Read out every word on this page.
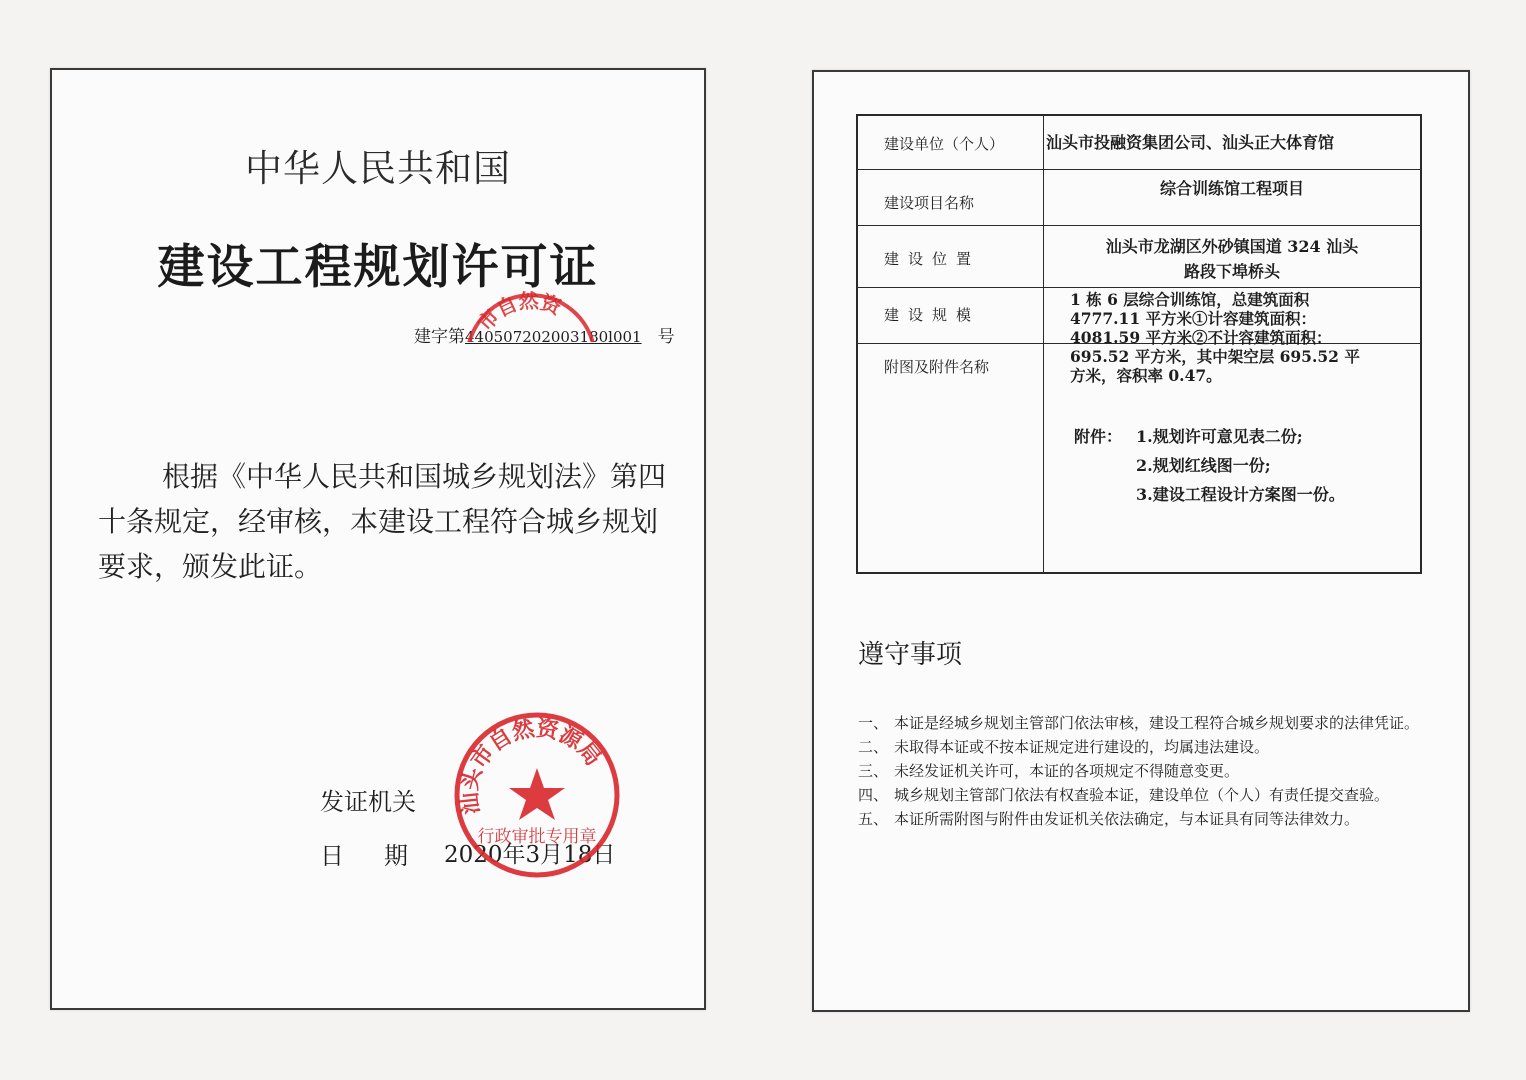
中华人民共和国
建设工程规划许可证
建字第440507202003180l001 号
市自然资
根据《中华人民共和国城乡规划法》第四十条规定，经审核，本建设工程符合城乡规划要求，颁发此证。
发证机关
日期
2020年3月18日
汕头市自然资源局
行政审批专用章
建设单位（个人）	汕头市投融资集团公司、汕头正大体育馆
建设项目名称
综合训练馆工程项目
建设位置
汕头市龙湖区外砂镇国道 324 汕头
路段下埠桥头
建设规模
附图及附件名称
1 栋 6 层综合训练馆，总建筑面积
4777.11 平方米①计容建筑面积：
4081.59 平方米②不计容建筑面积：
695.52 平方米，其中架空层 695.52 平
方米，容积率 0.47。
附件： 1.规划许可意见表二份;
2.规划红线图一份;
3.建设工程设计方案图一份。
遵守事项
一、 本证是经城乡规划主管部门依法审核，建设工程符合城乡规划要求的法律凭证。
二、 未取得本证或不按本证规定进行建设的，均属违法建设。
三、 未经发证机关许可，本证的各项规定不得随意变更。
四、 城乡规划主管部门依法有权查验本证，建设单位（个人）有责任提交查验。
五、 本证所需附图与附件由发证机关依法确定，与本证具有同等法律效力。
